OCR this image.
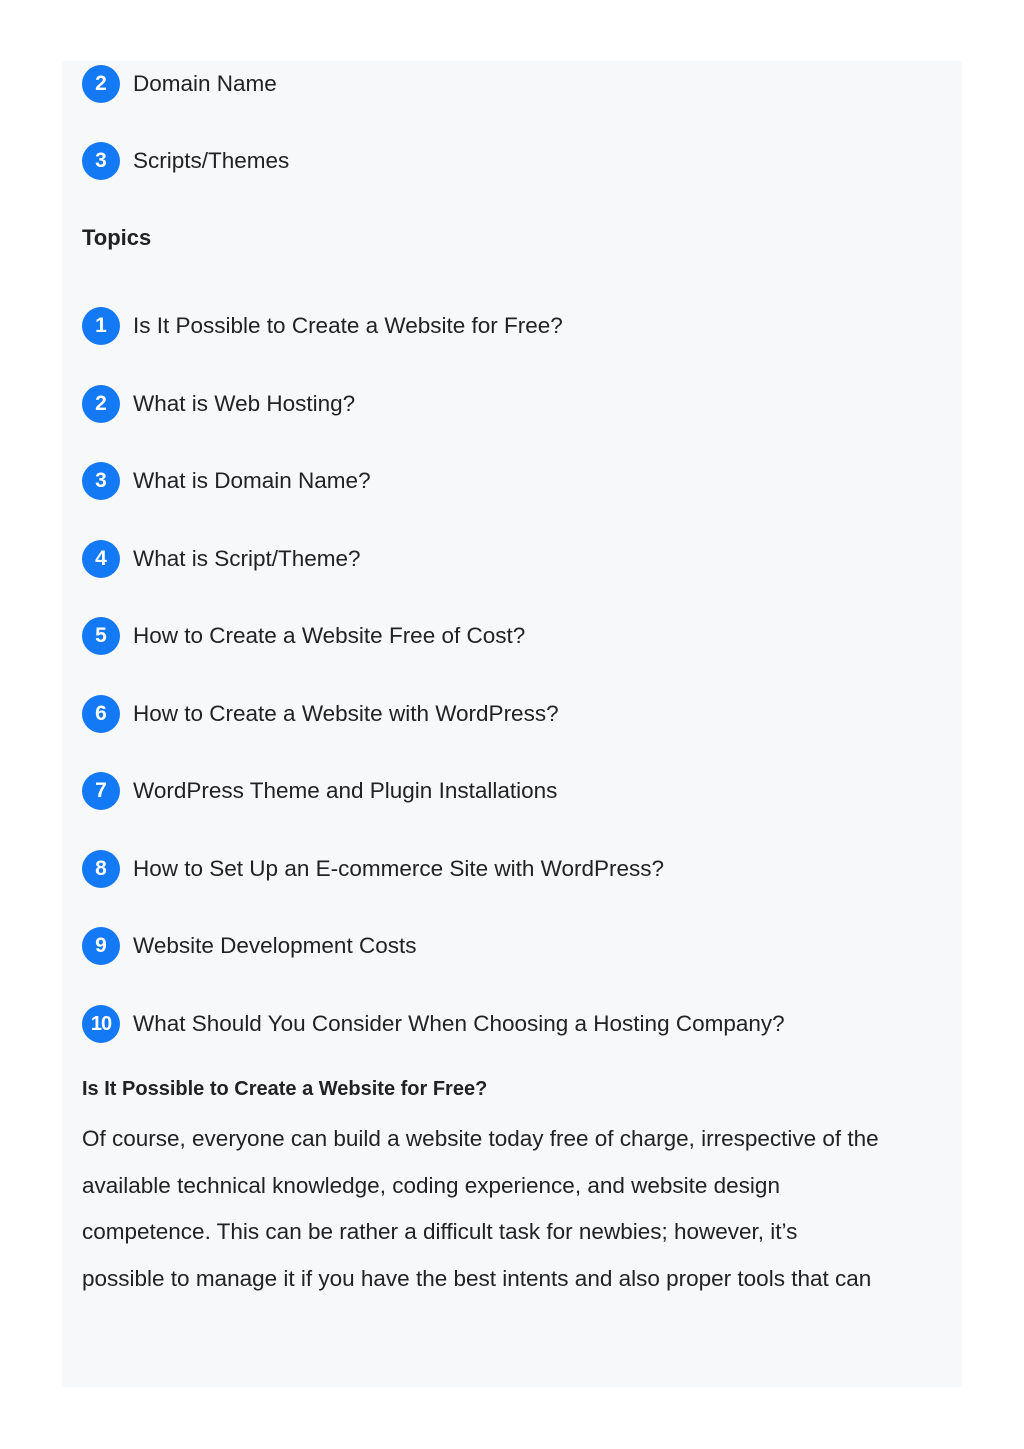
2	Domain Name
3	Scripts/Themes
Topics
1	Is It Possible to Create a Website for Free?
2	What is Web Hosting?
3	What is Domain Name?
4	What is Script/Theme?
5	How to Create a Website Free of Cost?
6	How to Create a Website with WordPress?
7	WordPress Theme and Plugin Installations
8	How to Set Up an E-commerce Site with WordPress?
9	Website Development Costs
10 What Should You Consider When Choosing a Hosting Company?
Is It Possible to Create a Website for Free?
Of course, everyone can build a website today free of charge, irrespective of the
available technical knowledge, coding experience, and website design
competence. This can be rather a difficult task for newbies; however, it’s
possible to manage it if you have the best intents and also proper tools that can
